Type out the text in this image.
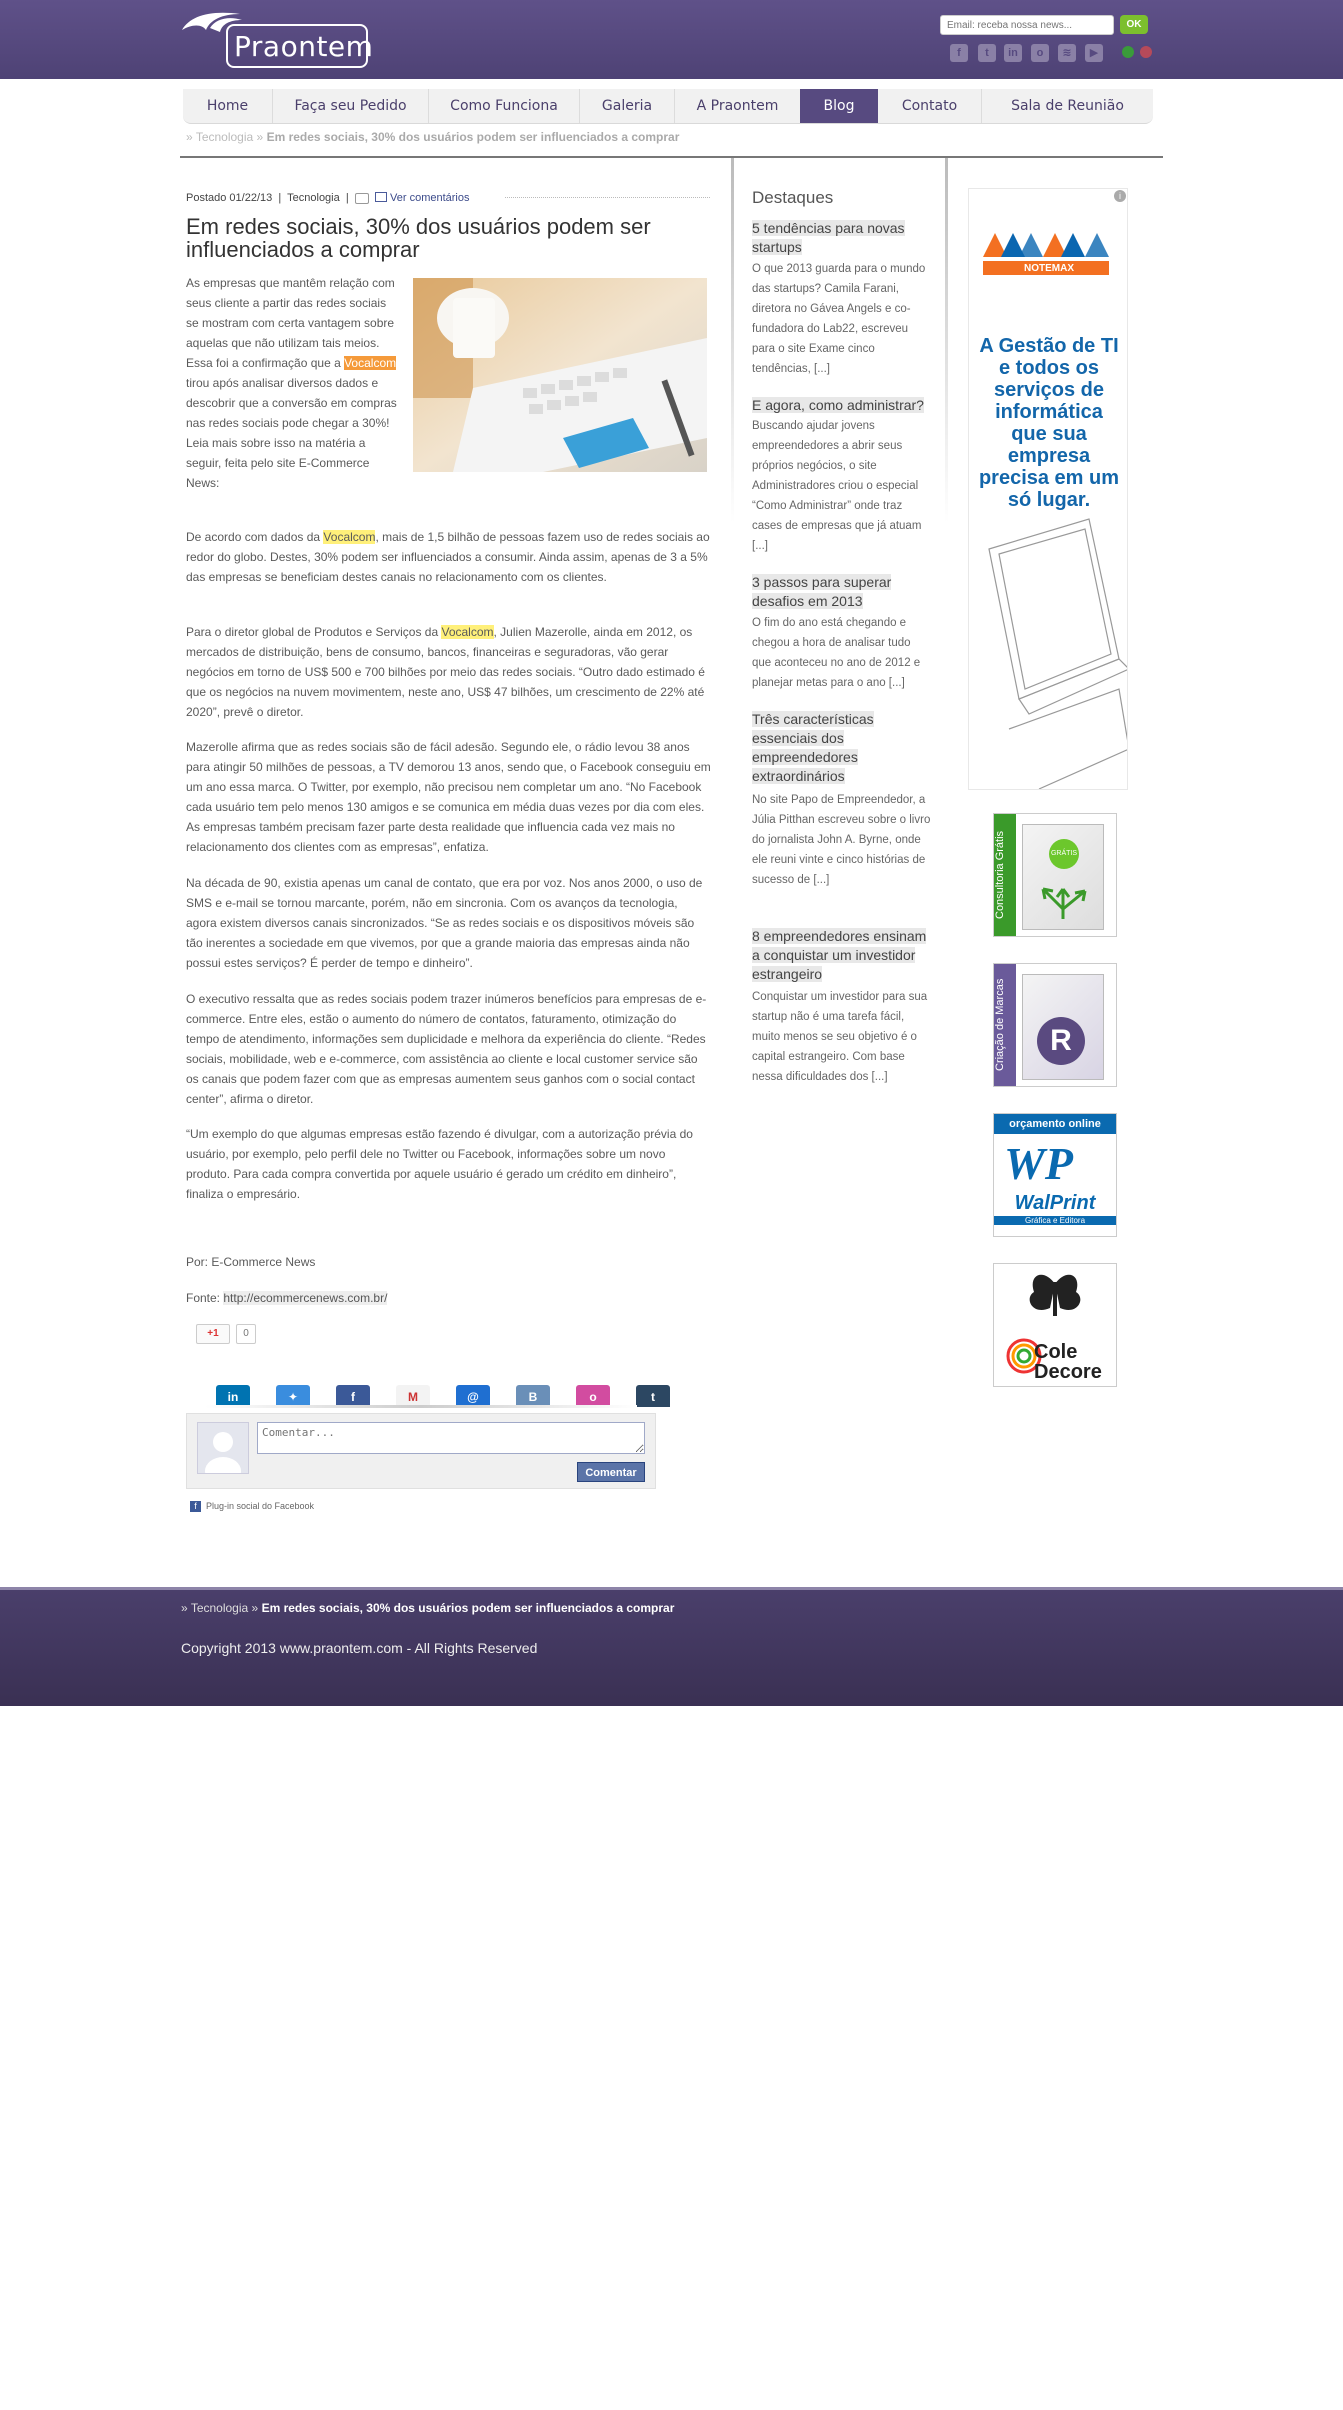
Praontem
Email: receba nossa news...
OK
f	t	in	o	≋	▶
Home	Faça seu Pedido	Como Funciona	Galeria	A Praontem	Blog	Contato	Sala de Reunião
» Tecnologia » Em redes sociais, 30% dos usuários podem ser influenciados a comprar
Postado 01/22/13  |  Tecnologia  |	Ver comentários
Em redes sociais, 30% dos usuários podem ser influenciados a comprar

As empresas que mantêm relação com seus cliente a partir das redes sociais se mostram com certa vantagem sobre aquelas que não utilizam tais meios. Essa foi a confirmação que a Vocalcom tirou após analisar diversos dados e descobrir que a conversão em compras nas redes sociais pode chegar a 30%! Leia mais sobre isso na matéria a seguir, feita pelo site E-Commerce News:

De acordo com dados da Vocalcom, mais de 1,5 bilhão de pessoas fazem uso de redes sociais ao redor do globo. Destes, 30% podem ser influenciados a consumir. Ainda assim, apenas de 3 a 5% das empresas se beneficiam destes canais no relacionamento com os clientes.

Para o diretor global de Produtos e Serviços da Vocalcom, Julien Mazerolle, ainda em 2012, os mercados de distribuição, bens de consumo, bancos, financeiras e seguradoras, vão gerar negócios em torno de US$ 500 e 700 bilhões por meio das redes sociais. “Outro dado estimado é que os negócios na nuvem movimentem, neste ano, US$ 47 bilhões, um crescimento de 22% até 2020”, prevê o diretor.

Mazerolle afirma que as redes sociais são de fácil adesão. Segundo ele, o rádio levou 38 anos para atingir 50 milhões de pessoas, a TV demorou 13 anos, sendo que, o Facebook conseguiu em um ano essa marca. O Twitter, por exemplo, não precisou nem completar um ano. “No Facebook cada usuário tem pelo menos 130 amigos e se comunica em média duas vezes por dia com eles. As empresas também precisam fazer parte desta realidade que influencia cada vez mais no relacionamento dos clientes com as empresas”, enfatiza.

Na década de 90, existia apenas um canal de contato, que era por voz. Nos anos 2000, o uso de SMS e e-mail se tornou marcante, porém, não em sincronia. Com os avanços da tecnologia, agora existem diversos canais sincronizados. “Se as redes sociais e os dispositivos móveis são tão inerentes a sociedade em que vivemos, por que a grande maioria das empresas ainda não possui estes serviços? É perder de tempo e dinheiro”.

O executivo ressalta que as redes sociais podem trazer inúmeros benefícios para empresas de e-commerce. Entre eles, estão o aumento do número de contatos, faturamento, otimização do tempo de atendimento, informações sem duplicidade e melhora da experiência do cliente. “Redes sociais, mobilidade, web e e-commerce, com assistência ao cliente e local customer service são os canais que podem fazer com que as empresas aumentem seus ganhos com o social contact center”, afirma o diretor.

“Um exemplo do que algumas empresas estão fazendo é divulgar, com a autorização prévia do usuário, por exemplo, pelo perfil dele no Twitter ou Facebook, informações sobre um novo produto. Para cada compra convertida por aquele usuário é gerado um crédito em dinheiro”, finaliza o empresário.

Por: E-Commerce News

Fonte: http://ecommercenews.com.br/

+1	0
in	✦	f	M	@	B	o	t
Comentar...
Comentar
f Plug-in social do Facebook
Destaques
5 tendências para novas startups

O que 2013 guarda para o mundo das startups? Camila Farani, diretora no Gávea Angels e co-fundadora do Lab22, escreveu para o site Exame cinco tendências, [...]

E agora, como administrar?

Buscando ajudar jovens empreendedores a abrir seus próprios negócios, o site Administradores criou o especial “Como Administrar” onde traz cases de empresas que já atuam [...]

3 passos para superar desafios em 2013

O fim do ano está chegando e chegou a hora de analisar tudo que aconteceu no ano de 2012 e planejar metas para o ano [...]

Três características essenciais dos empreendedores extraordinários

No site Papo de Empreendedor, a Júlia Pitthan escreveu sobre o livro do jornalista John A. Byrne, onde ele reuni vinte e cinco histórias de sucesso de [...]

8 empreendedores ensinam a conquistar um investidor estrangeiro

Conquistar um investidor para sua startup não é uma tarefa fácil, muito menos se seu objetivo é o capital estrangeiro. Com base nessa dificuldades dos [...]

NOTEMAX
A Gestão de TI e todos os serviços de informática que sua empresa precisa em um só lugar.
i
Consultoria Grátis	GRÁTIS
Criação de Marcas	R
orçamento online
WP
WalPrint
Gráfica e Editora
Cole Decore
» Tecnologia » Em redes sociais, 30% dos usuários podem ser influenciados a comprar
Copyright 2013 www.praontem.com - All Rights Reserved
